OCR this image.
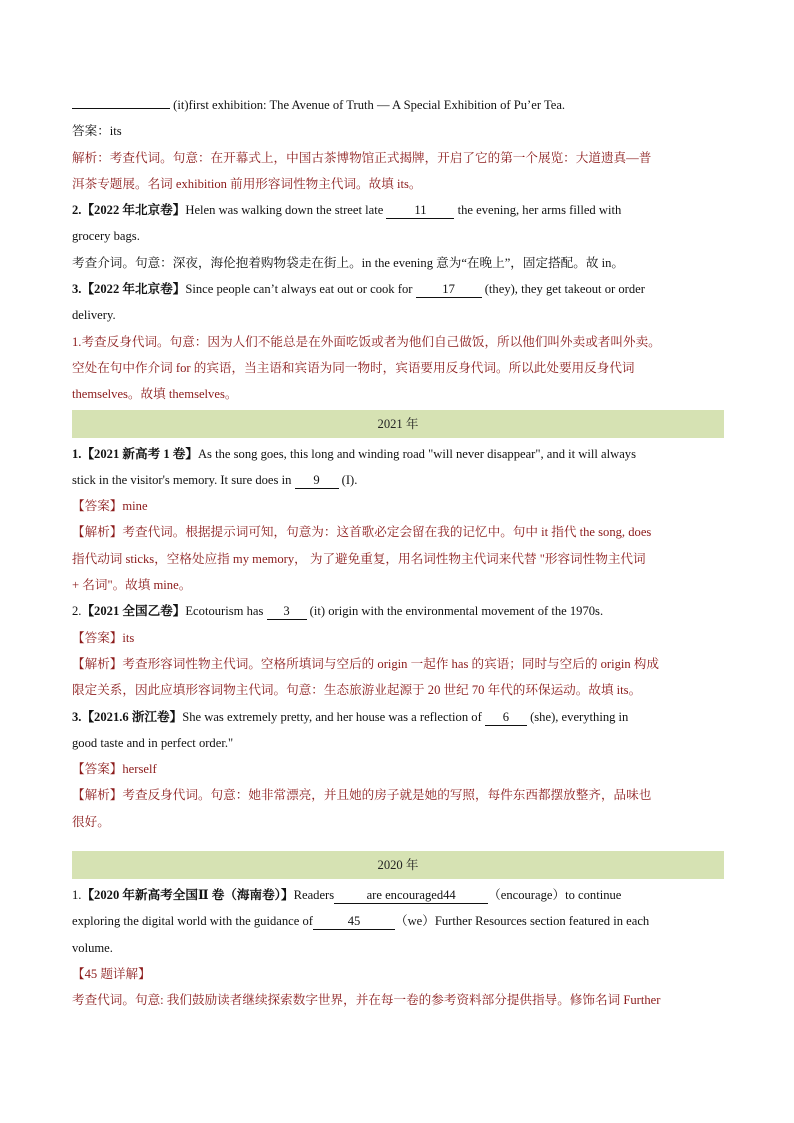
(it)first exhibition: The Avenue of Truth — A Special Exhibition of Pu’er Tea.
答案：its
解析：考查代词。句意：在开幕式上，中国古茶博物馆正式揭牌，开启了它的第一个展览：大道遗真—普
洱茶专题展。名词 exhibition 前用形容词性物主代词。故填 its。
2.【2022 年北京卷】Helen was walking down the street late 11 the evening, her arms filled with
grocery bags.
考查介词。句意：深夜，海伦抱着购物袋走在街上。in the evening 意为“在晚上”，固定搭配。故 in。
3.【2022 年北京卷】Since people can’t always eat out or cook for 17 (they), they get takeout or order
delivery.
1.考查反身代词。句意：因为人们不能总是在外面吃饭或者为他们自己做饭，所以他们叫外卖或者叫外卖。
空处在句中作介词 for 的宾语，当主语和宾语为同一物时，宾语要用反身代词。所以此处要用反身代词
themselves。故填 themselves。
2021 年
1.【2021 新高考 1 卷】As the song goes, this long and winding road "will never disappear", and it will always
stick in the visitor's memory. It sure does in 9 (I).
【答案】mine
【解析】考查代词。根据提示词可知，句意为：这首歌必定会留在我的记忆中。句中 it 指代 the song, does
指代动词 sticks，空格处应指 my memory， 为了避免重复，用名词性物主代词来代替 "形容词性物主代词
+ 名词"。故填 mine。
2.【2021 全国乙卷】Ecotourism has 3 (it) origin with the environmental movement of the 1970s.
【答案】its
【解析】考查形容词性物主代词。空格所填词与空后的 origin 一起作 has 的宾语；同时与空后的 origin 构成
限定关系，因此应填形容词物主代词。句意：生态旅游业起源于 20 世纪 70 年代的环保运动。故填 its。
3.【2021.6 浙江卷】She was extremely pretty, and her house was a reflection of 6 (she), everything in
good taste and in perfect order."
【答案】herself
【解析】考查反身代词。句意：她非常漂亮，并且她的房子就是她的写照，每件东西都摆放整齐，品味也
很好。
2020 年
1.【2020 年新高考全国Ⅱ 卷（海南卷）】Readers	are encouraged44	（encourage）to continue
exploring the digital world with the guidance of	45	（we）Further Resources section featured in each
volume.
【45 题详解】
考查代词。句意: 我们鼓励读者继续探索数字世界，并在每一卷的参考资料部分提供指导。修饰名词 Further
